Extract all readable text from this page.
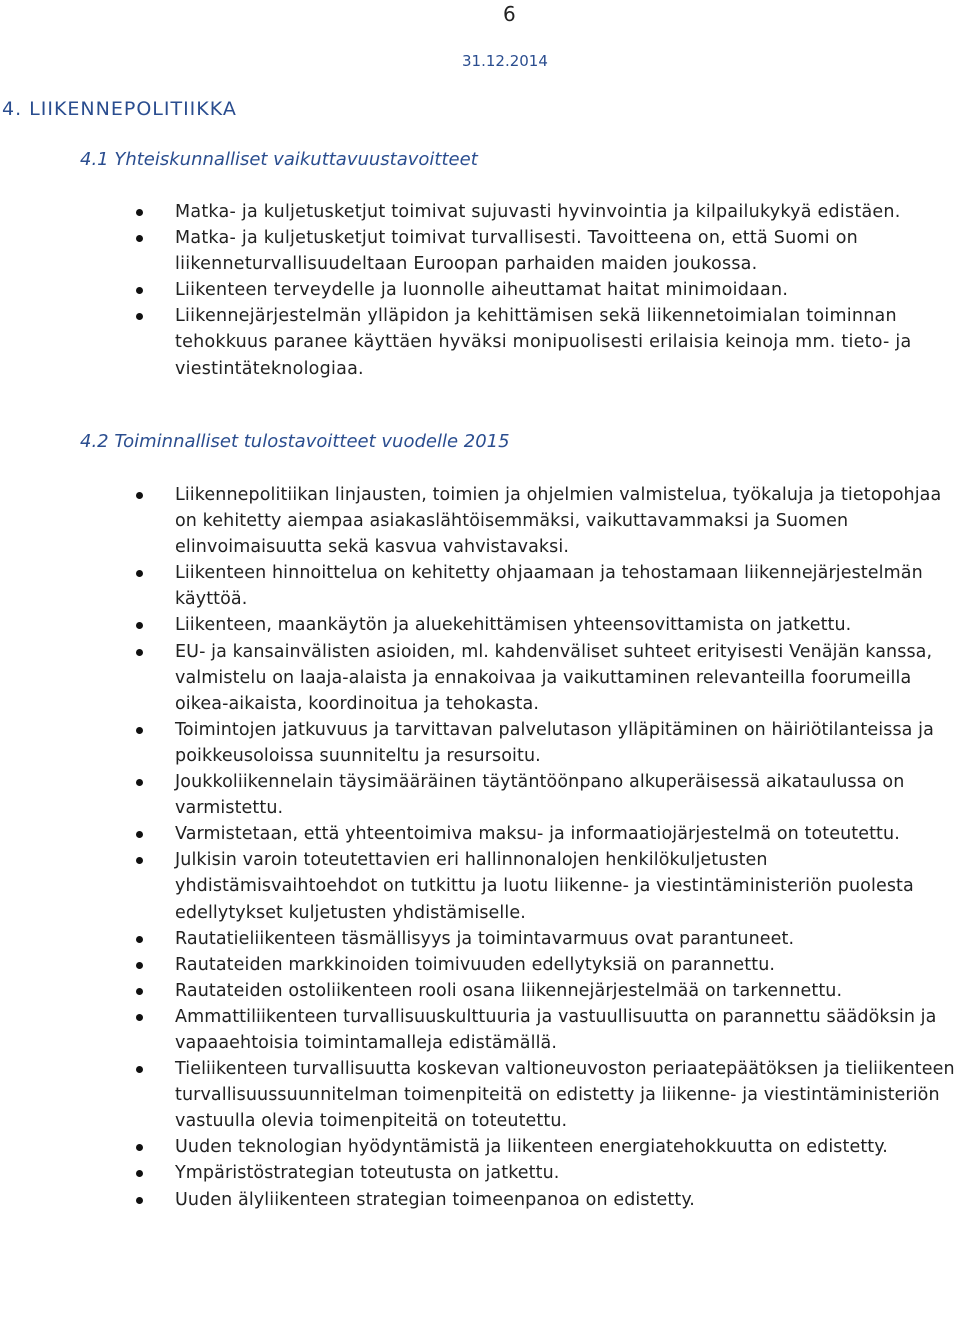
6
31.12.2014
4. LIIKENNEPOLITIIKKA
4.1 Yhteiskunnalliset vaikuttavuustavoitteet
Matka- ja kuljetusketjut toimivat sujuvasti hyvinvointia ja kilpailukykyä edistäen.
Matka- ja kuljetusketjut toimivat turvallisesti. Tavoitteena on, että Suomi on liikenneturvallisuudeltaan Euroopan parhaiden maiden joukossa.
Liikenteen terveydelle ja luonnolle aiheuttamat haitat minimoidaan.
Liikennejärjestelmän ylläpidon ja kehittämisen sekä liikennetoimialan toiminnan tehokkuus paranee käyttäen hyväksi monipuolisesti erilaisia keinoja mm. tieto- ja viestintäteknologiaa.
4.2 Toiminnalliset tulostavoitteet vuodelle 2015
Liikennepolitiikan linjausten, toimien ja ohjelmien valmistelua, työkaluja ja tietopohjaa on kehitetty aiempaa asiakaslähtöisemmäksi, vaikuttavammaksi ja Suomen elinvoimaisuutta sekä kasvua vahvistavaksi.
Liikenteen hinnoittelua on kehitetty ohjaamaan ja tehostamaan liikennejärjestelmän käyttöä.
Liikenteen, maankäytön ja aluekehittämisen yhteensovittamista on jatkettu.
EU- ja kansainvälisten asioiden, ml. kahdenväliset suhteet erityisesti Venäjän kanssa, valmistelu on laaja-alaista ja ennakoivaa ja vaikuttaminen relevanteilla foorumeilla oikea-aikaista, koordinoitua ja tehokasta.
Toimintojen jatkuvuus ja tarvittavan palvelutason ylläpitäminen on häiriötilanteissa ja poikkeusoloissa suunniteltu ja resursoitu.
Joukkoliikennelain täysimääräinen täytäntöönpano alkuperäisessä aikataulussa on varmistettu.
Varmistetaan, että yhteentoimiva maksu- ja informaatiojärjestelmä on toteutettu.
Julkisin varoin toteutettavien eri hallinnonalojen henkilökuljetusten yhdistämisvaihtoehdot on tutkittu ja luotu liikenne- ja viestintäministeriön puolesta edellytykset kuljetusten yhdistämiselle.
Rautatieliikenteen täsmällisyys ja toimintavarmuus ovat parantuneet.
Rautateiden markkinoiden toimivuuden edellytyksiä on parannettu.
Rautateiden ostoliikenteen rooli osana liikennejärjestelmää on tarkennettu.
Ammattiliikenteen turvallisuuskulttuuria ja vastuullisuutta on parannettu säädöksin ja vapaaehtoisia toimintamalleja edistämällä.
Tieliikenteen turvallisuutta koskevan valtioneuvoston periaatepäätöksen ja tieliikenteen turvallisuussuunnitelman toimenpiteitä on edistetty ja liikenne- ja viestintäministeriön vastuulla olevia toimenpiteitä on toteutettu.
Uuden teknologian hyödyntämistä ja liikenteen energiatehokkuutta on edistetty.
Ympäristöstrategian toteutusta on jatkettu.
Uuden älyliikenteen strategian toimeenpanoa on edistetty.
